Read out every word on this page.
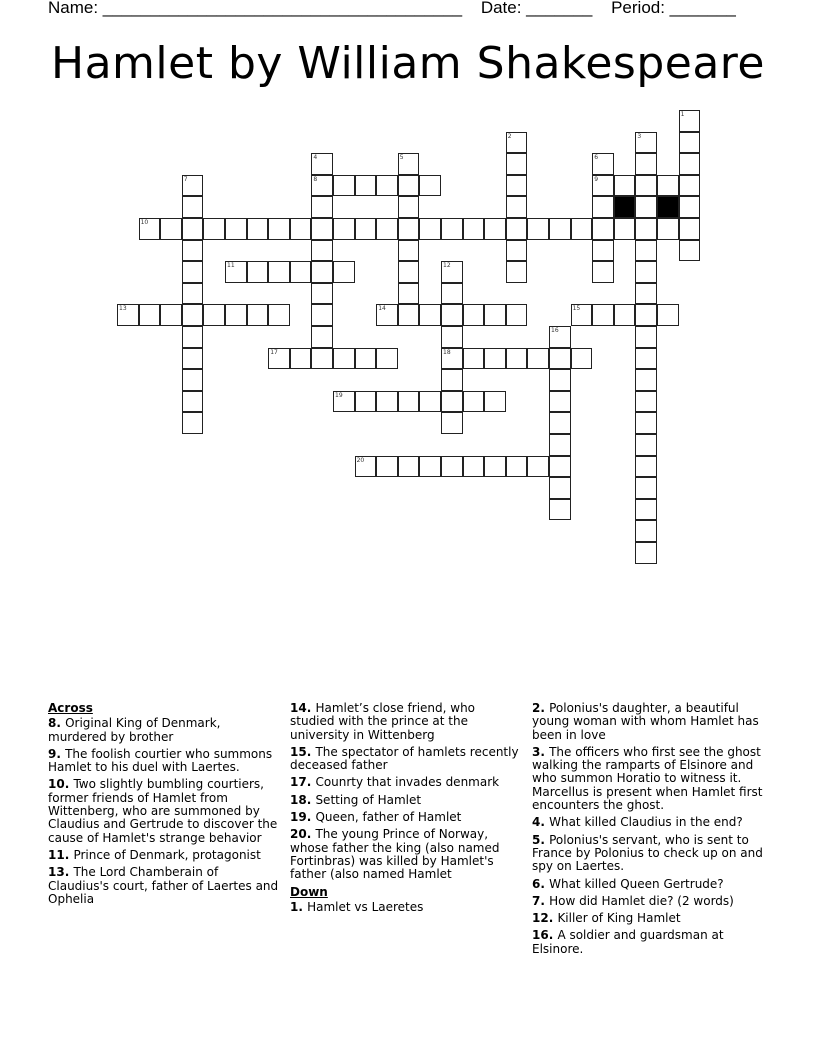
Name: ______________________________________ Date: _______ Period: _______
Hamlet by William Shakespeare
1
2	3
4
8
5	6
9
7
10
11	12
18
13	14	15
16
17
19
20
Across
8. Original King of Denmark, murdered by brother
9. The foolish courtier who summons Hamlet to his duel with Laertes.
10. Two slightly bumbling courtiers, former friends of Hamlet from Wittenberg, who are summoned by Claudius and Gertrude to discover the cause of Hamlet's strange behavior
11. Prince of Denmark, protagonist
13. The Lord Chamberain of Claudius's court, father of Laertes and Ophelia
14. Hamlet’s close friend, who studied with the prince at the university in Wittenberg
15. The spectator of hamlets recently deceased father
17. Counrty that invades denmark
18. Setting of Hamlet
19. Queen, father of Hamlet
20. The young Prince of Norway, whose father the king (also named Fortinbras) was killed by Hamlet's father (also named Hamlet
Down
1. Hamlet vs Laeretes
2. Polonius's daughter, a beautiful young woman with whom Hamlet has been in love
3. The officers who first see the ghost walking the ramparts of Elsinore and who summon Horatio to witness it. Marcellus is present when Hamlet first encounters the ghost.
4. What killed Claudius in the end?
5. Polonius's servant, who is sent to France by Polonius to check up on and spy on Laertes.
6. What killed Queen Gertrude?
7. How did Hamlet die? (2 words)
12. Killer of King Hamlet
16. A soldier and guardsman at Elsinore.
